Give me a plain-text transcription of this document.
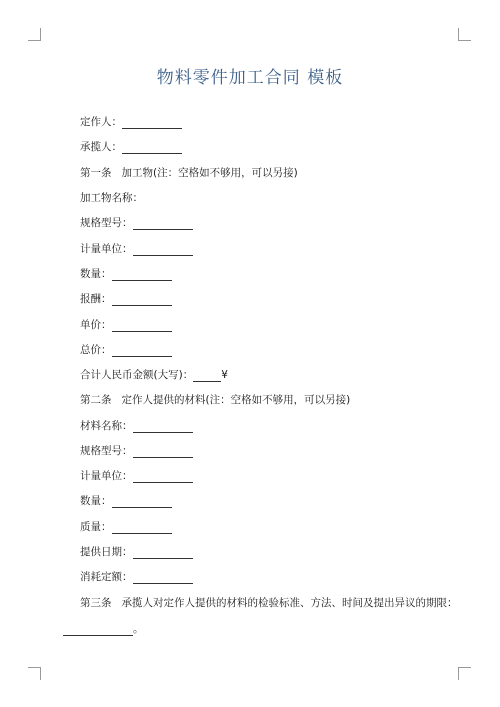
物料零件加工合同 模板
定作人：
承揽人：
第一条 加工物(注：空格如不够用，可以另接)
加工物名称：
规格型号：
计量单位：
数量：
报酬：
单价：
总价：
合计人民币金额(大写)：	¥
第二条 定作人提供的材料(注：空格如不够用，可以另接)
材料名称：
规格型号：
计量单位：
数量：
质量：
提供日期：
消耗定额：
第三条 承揽人对定作人提供的材料的检验标准、方法、时间及提出异议的期限：
。
